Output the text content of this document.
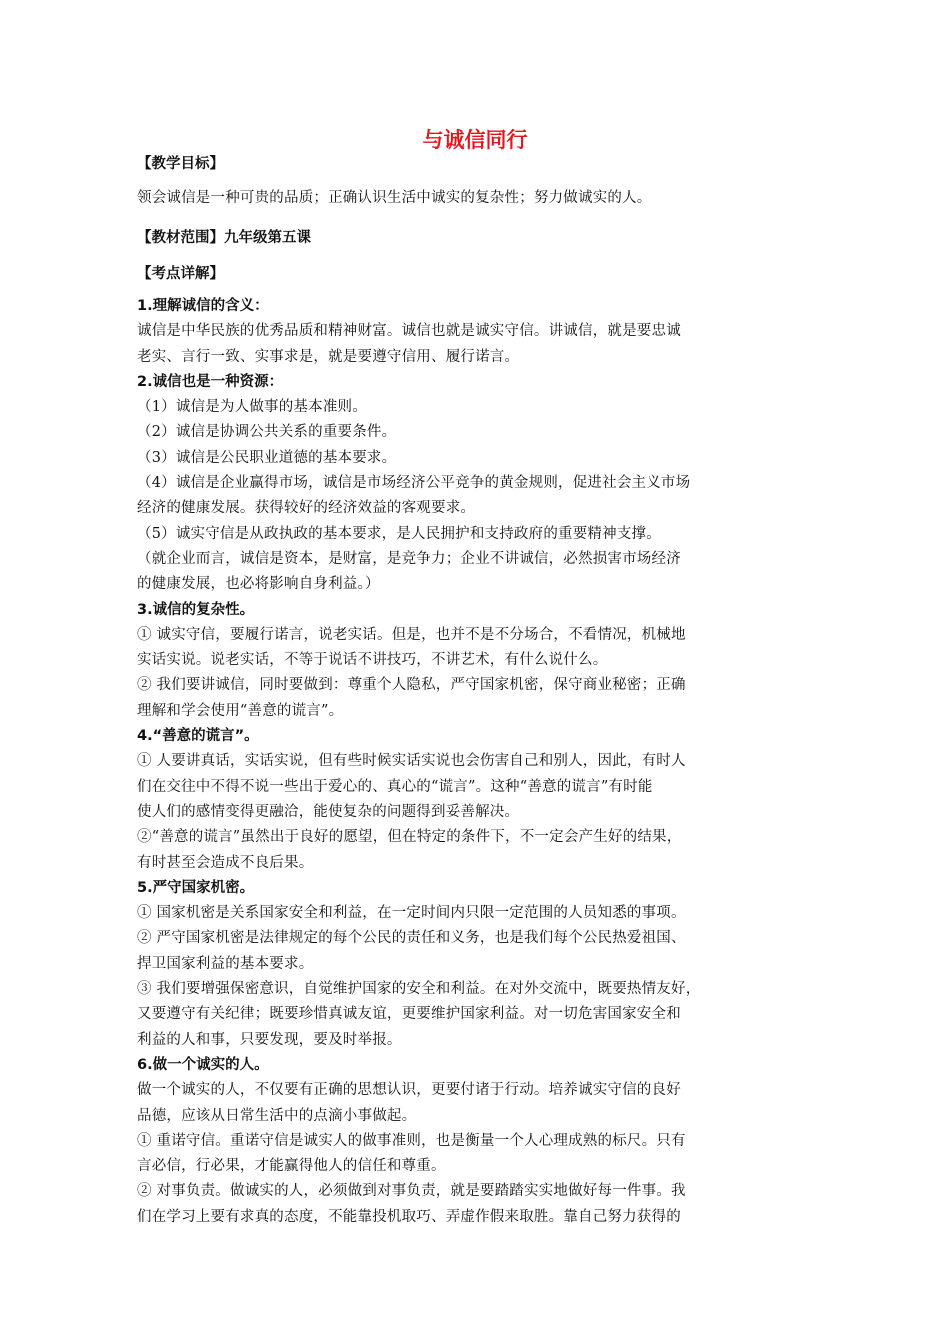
与诚信同行

【教学目标】

领会诚信是一种可贵的品质；正确认识生活中诚实的复杂性；努力做诚实的人。

【教材范围】九年级第五课

【考点详解】

1.理解诚信的含义：

诚信是中华民族的优秀品质和精神财富。诚信也就是诚实守信。讲诚信，就是要忠诚

老实、言行一致、实事求是，就是要遵守信用、履行诺言。

2.诚信也是一种资源：

（1）诚信是为人做事的基本准则。

（2）诚信是协调公共关系的重要条件。

（3）诚信是公民职业道德的基本要求。

（4）诚信是企业赢得市场，诚信是市场经济公平竞争的黄金规则，促进社会主义市场

经济的健康发展。获得较好的经济效益的客观要求。

（5）诚实守信是从政执政的基本要求，是人民拥护和支持政府的重要精神支撑。

（就企业而言，诚信是资本，是财富，是竞争力；企业不讲诚信，必然损害市场经济

的健康发展，也必将影响自身利益。）

3.诚信的复杂性。

① 诚实守信，要履行诺言，说老实话。但是，也并不是不分场合，不看情况，机械地

实话实说。说老实话，不等于说话不讲技巧，不讲艺术，有什么说什么。

② 我们要讲诚信，同时要做到：尊重个人隐私，严守国家机密，保守商业秘密；正确

理解和学会使用“善意的谎言”。

4.“善意的谎言”。

① 人要讲真话，实话实说，但有些时候实话实说也会伤害自己和别人，因此，有时人

们在交往中不得不说一些出于爱心的、真心的“谎言”。这种“善意的谎言”有时能

使人们的感情变得更融洽，能使复杂的问题得到妥善解决。

②“善意的谎言”虽然出于良好的愿望，但在特定的条件下，不一定会产生好的结果，

有时甚至会造成不良后果。

5.严守国家机密。

① 国家机密是关系国家安全和利益，在一定时间内只限一定范围的人员知悉的事项。

② 严守国家机密是法律规定的每个公民的责任和义务，也是我们每个公民热爱祖国、

捍卫国家利益的基本要求。

③ 我们要增强保密意识，自觉维护国家的安全和利益。在对外交流中，既要热情友好，

又要遵守有关纪律；既要珍惜真诚友谊，更要维护国家利益。对一切危害国家安全和

利益的人和事，只要发现，要及时举报。

6.做一个诚实的人。

做一个诚实的人，不仅要有正确的思想认识，更要付诸于行动。培养诚实守信的良好

品德，应该从日常生活中的点滴小事做起。

① 重诺守信。重诺守信是诚实人的做事准则，也是衡量一个人心理成熟的标尺。只有

言必信，行必果，才能赢得他人的信任和尊重。

② 对事负责。做诚实的人，必须做到对事负责，就是要踏踏实实地做好每一件事。我

们在学习上要有求真的态度，不能靠投机取巧、弄虚作假来取胜。靠自己努力获得的
